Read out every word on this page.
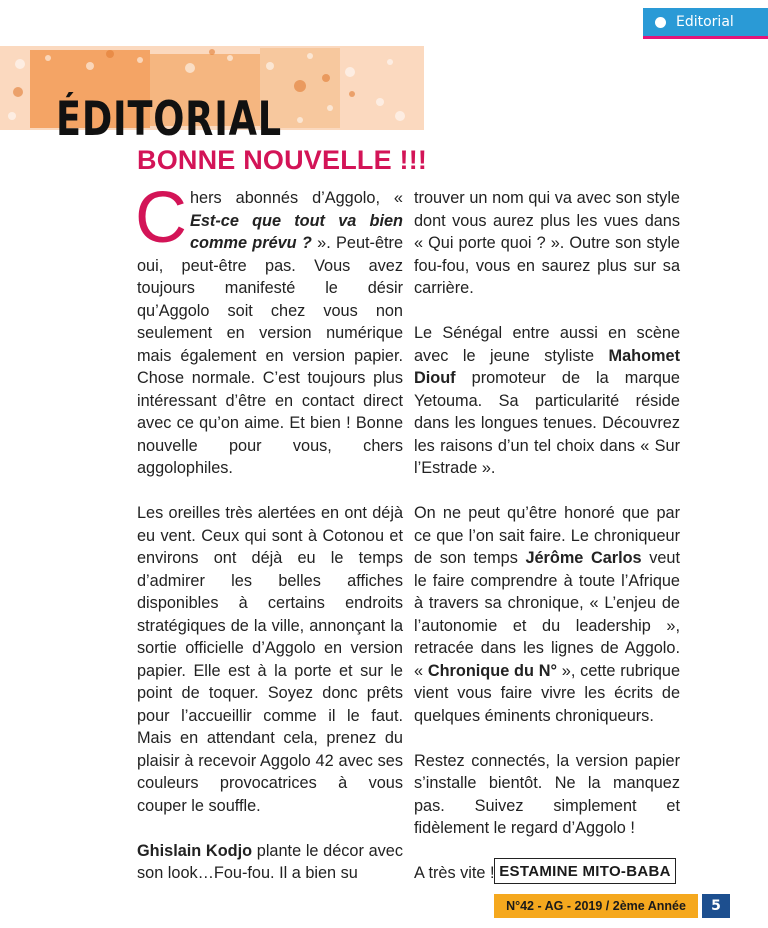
Editorial
ÉDITORIAL
BONNE NOUVELLE !!!

Chers abonnés d’Aggolo, « Est-ce que tout va bien comme prévu ? ». Peut-être oui, peut-être pas. Vous avez toujours manifesté le désir qu’Aggolo soit chez vous non seulement en version numérique mais également en version papier. Chose normale. C’est toujours plus intéressant d’être en contact direct avec ce qu’on aime. Et bien ! Bonne nouvelle pour vous, chers aggolophiles.

Les oreilles très alertées en ont déjà eu vent. Ceux qui sont à Cotonou et environs ont déjà eu le temps d’admirer les belles affiches disponibles à certains endroits stratégiques de la ville, annonçant la sortie officielle d’Aggolo en version papier. Elle est à la porte et sur le point de toquer. Soyez donc prêts pour l’accueillir comme il le faut. Mais en attendant cela, prenez du plaisir à recevoir Aggolo 42 avec ses couleurs provocatrices à vous couper le souffle.

Ghislain Kodjo plante le décor avec son look…Fou-fou. Il a bien su

trouver un nom qui va avec son style dont vous aurez plus les vues dans « Qui porte quoi ? ». Outre son style fou-fou, vous en saurez plus sur sa carrière.

Le Sénégal entre aussi en scène avec le jeune styliste Mahomet Diouf promoteur de la marque Yetouma. Sa particularité réside dans les longues tenues. Découvrez les raisons d’un tel choix dans « Sur l’Estrade ».

On ne peut qu’être honoré que par ce que l’on sait faire. Le chroniqueur de son temps Jérôme Carlos veut le faire comprendre à toute l’Afrique à travers sa chronique, « L’enjeu de l’autonomie et du leadership », retracée dans les lignes de Aggolo. « Chronique du N° », cette rubrique vient vous faire vivre les écrits de quelques éminents chroniqueurs.

Restez connectés, la version papier s’installe bientôt. Ne la manquez pas. Suivez simplement et fidèlement le regard d’Aggolo !

A très vite ! ESTAMINE MITO-BABA
N°42 - AG - 2019 / 2ème Année	5
